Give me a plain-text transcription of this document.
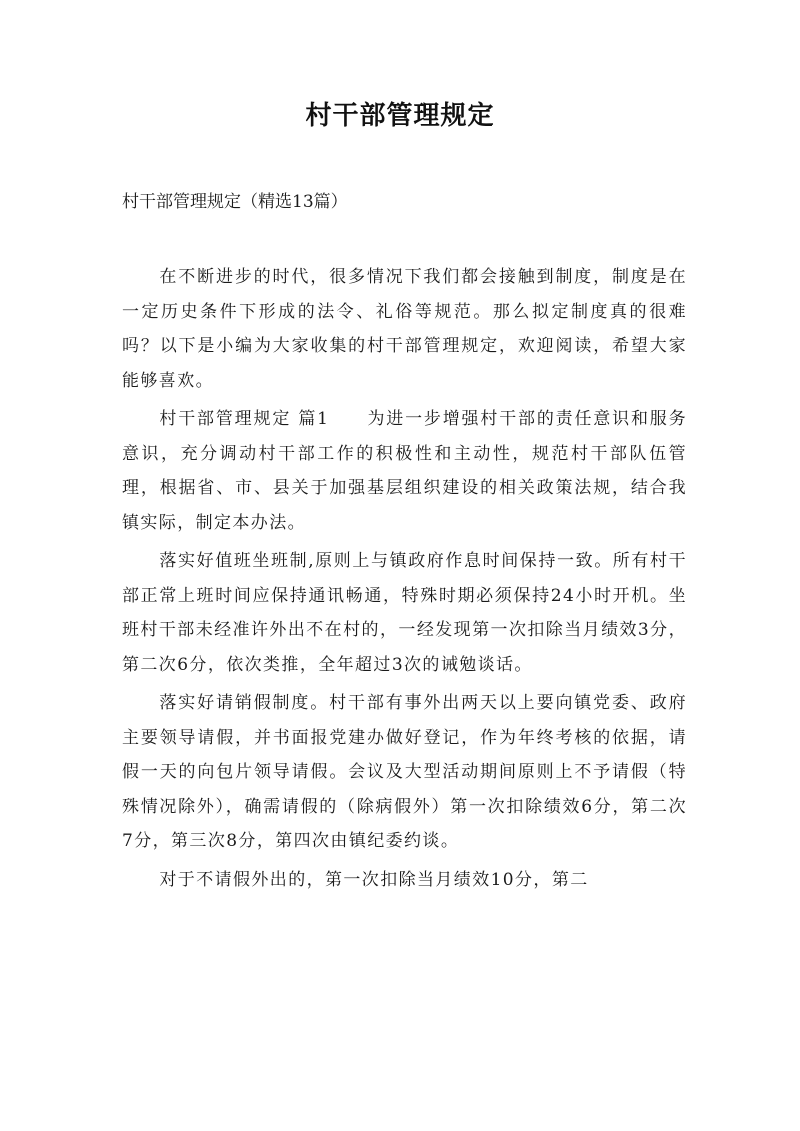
村干部管理规定
村干部管理规定（精选13篇）

在不断进步的时代，很多情况下我们都会接触到制度，制度是在一定历史条件下形成的法令、礼俗等规范。那么拟定制度真的很难吗？以下是小编为大家收集的村干部管理规定，欢迎阅读，希望大家能够喜欢。

村干部管理规定 篇1　　为进一步增强村干部的责任意识和服务意识，充分调动村干部工作的积极性和主动性，规范村干部队伍管理，根据省、市、县关于加强基层组织建设的相关政策法规，结合我镇实际，制定本办法。

落实好值班坐班制,原则上与镇政府作息时间保持一致。所有村干部正常上班时间应保持通讯畅通，特殊时期必须保持24小时开机。坐班村干部未经准许外出不在村的，一经发现第一次扣除当月绩效3分，第二次6分，依次类推，全年超过3次的诫勉谈话。

落实好请销假制度。村干部有事外出两天以上要向镇党委、政府主要领导请假，并书面报党建办做好登记，作为年终考核的依据，请假一天的向包片领导请假。会议及大型活动期间原则上不予请假（特殊情况除外），确需请假的（除病假外）第一次扣除绩效6分，第二次7分，第三次8分，第四次由镇纪委约谈。

对于不请假外出的，第一次扣除当月绩效10分，第二
